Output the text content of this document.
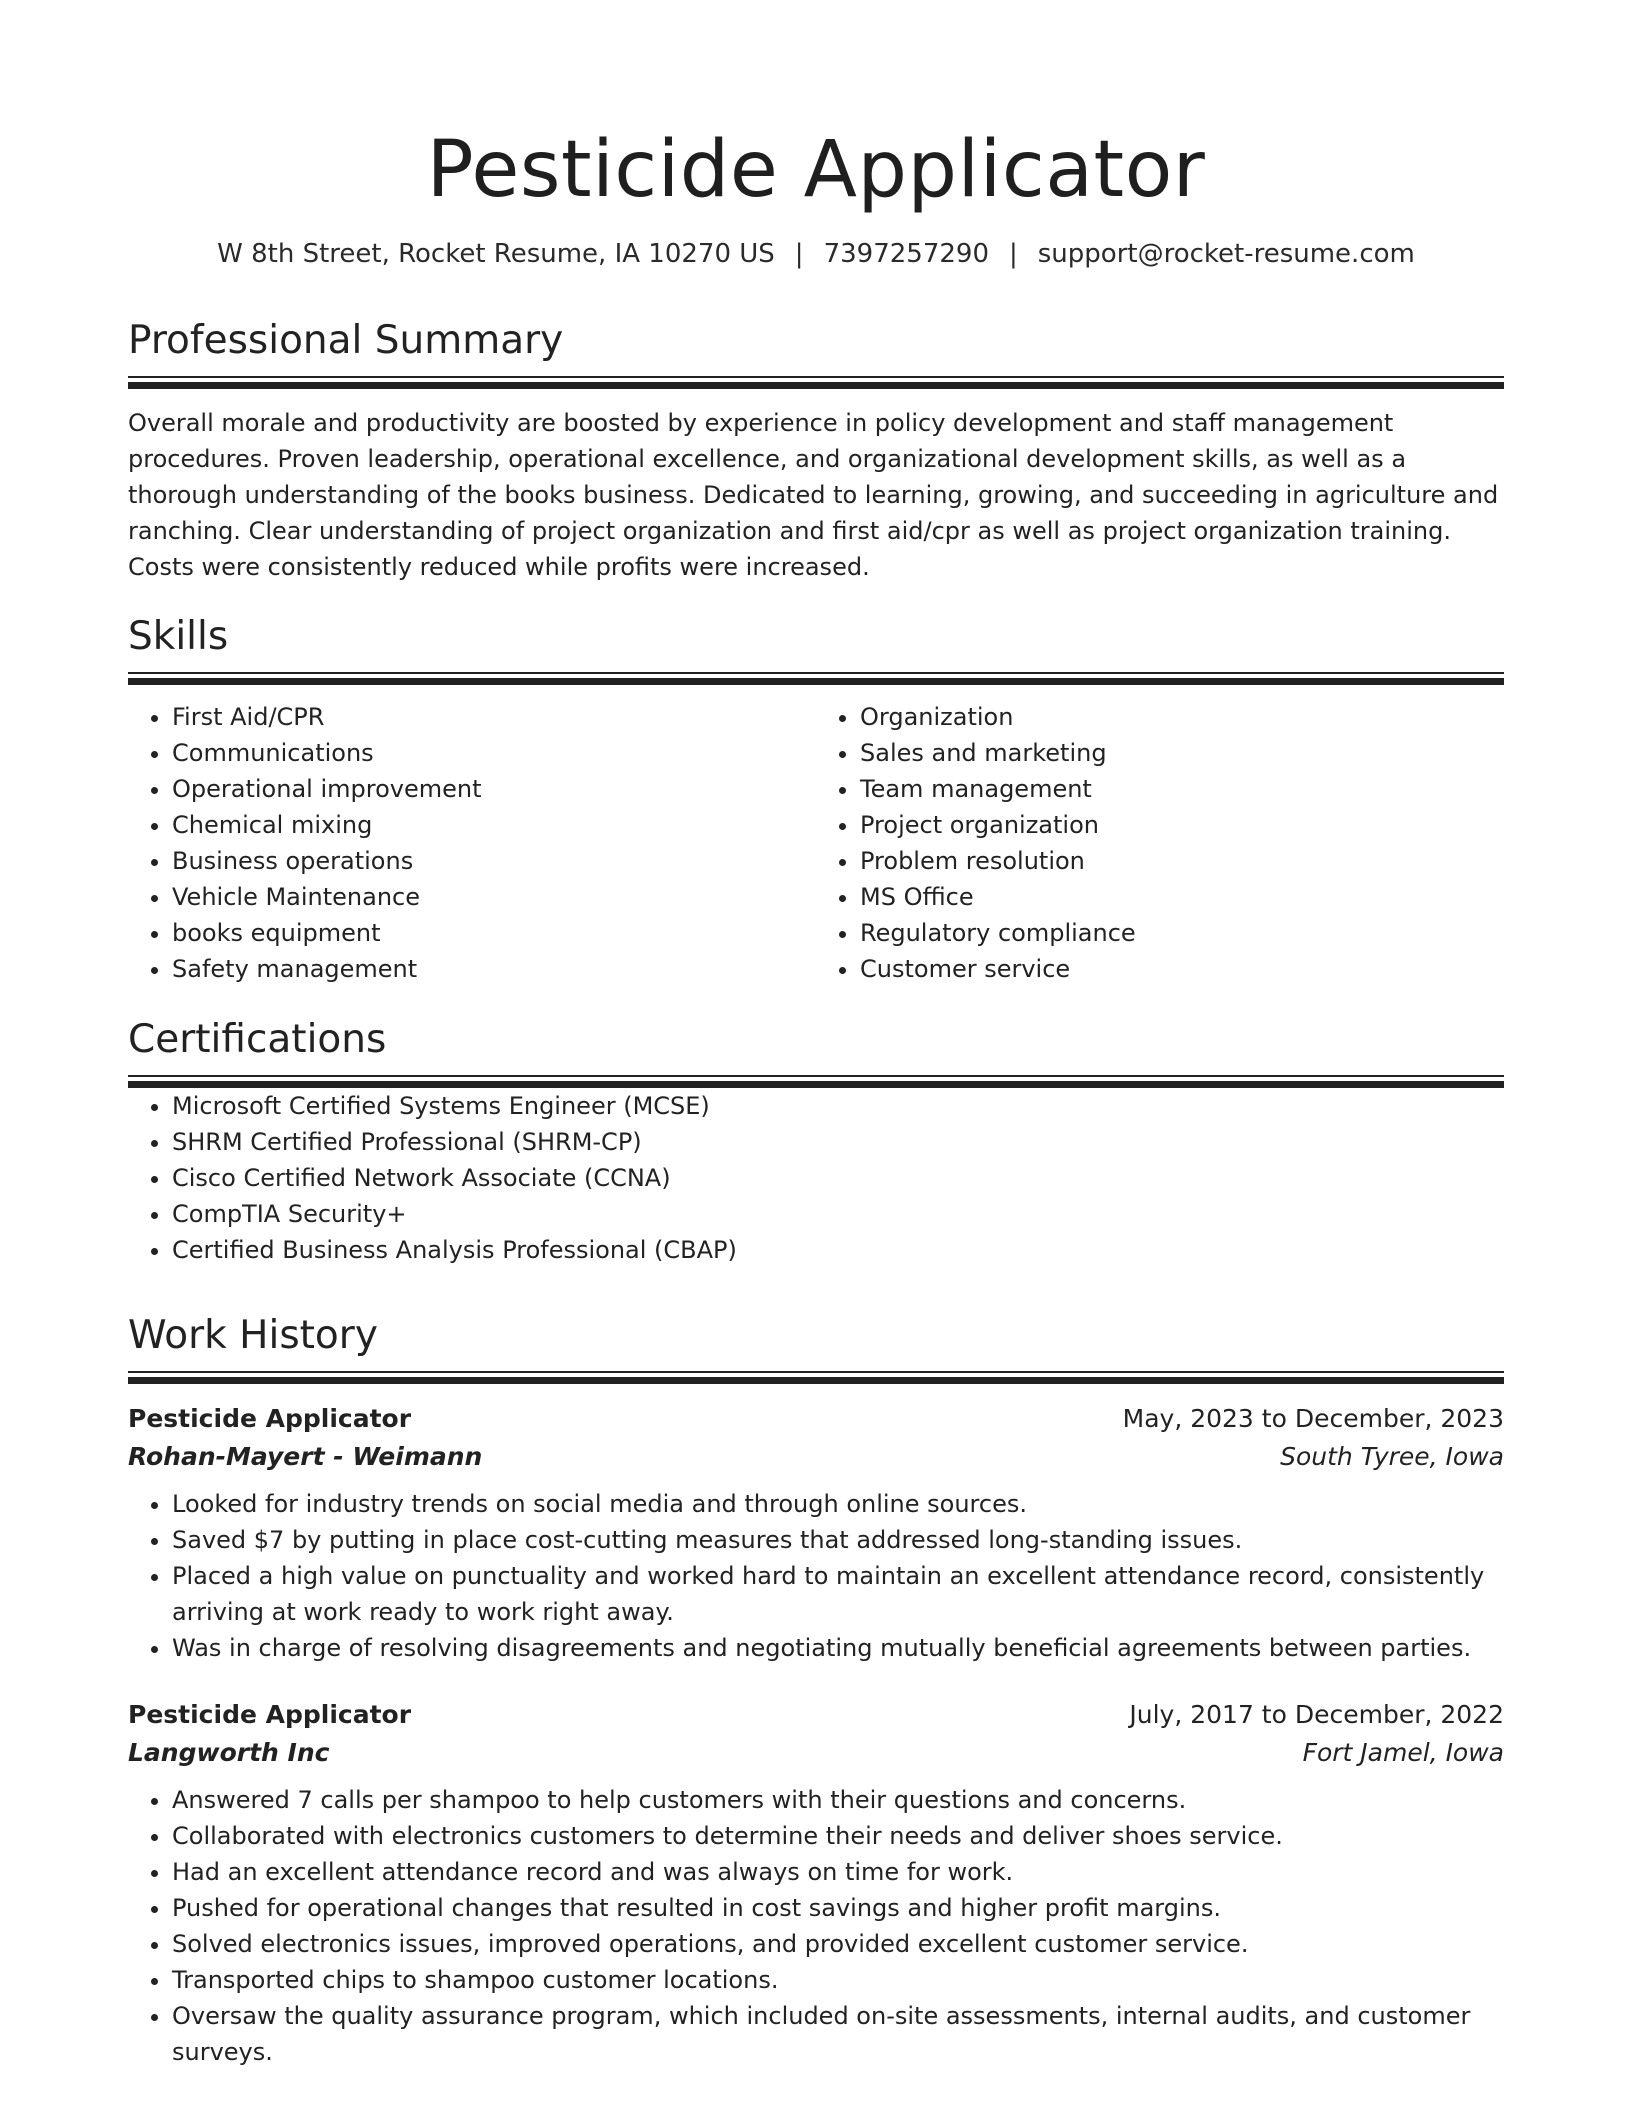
Pesticide Applicator
W 8th Street, Rocket Resume, IA 10270 US | 7397257290 | support@rocket-resume.com
Professional Summary

Overall morale and productivity are boosted by experience in policy development and staff management procedures. Proven leadership, operational excellence, and organizational development skills, as well as a thorough understanding of the books business. Dedicated to learning, growing, and succeeding in agriculture and ranching. Clear understanding of project organization and first aid/cpr as well as project organization training. Costs were consistently reduced while profits were increased.

Skills
• First Aid/CPR
• Communications
• Operational improvement
• Chemical mixing
• Business operations
• Vehicle Maintenance
• books equipment
• Safety management
• Organization
• Sales and marketing
• Team management
• Project organization
• Problem resolution
• MS Office
• Regulatory compliance
• Customer service
Certifications
• Microsoft Certified Systems Engineer (MCSE)
• SHRM Certified Professional (SHRM-CP)
• Cisco Certified Network Associate (CCNA)
• CompTIA Security+
• Certified Business Analysis Professional (CBAP)
Work History
Pesticide Applicator	May, 2023 to December, 2023
Rohan-Mayert - Weimann	South Tyree, Iowa
• Looked for industry trends on social media and through online sources.
• Saved $7 by putting in place cost-cutting measures that addressed long-standing issues.
• Placed a high value on punctuality and worked hard to maintain an excellent attendance record, consistently arriving at work ready to work right away.
• Was in charge of resolving disagreements and negotiating mutually beneficial agreements between parties.
Pesticide Applicator	July, 2017 to December, 2022
Langworth Inc	Fort Jamel, Iowa
• Answered 7 calls per shampoo to help customers with their questions and concerns.
• Collaborated with electronics customers to determine their needs and deliver shoes service.
• Had an excellent attendance record and was always on time for work.
• Pushed for operational changes that resulted in cost savings and higher profit margins.
• Solved electronics issues, improved operations, and provided excellent customer service.
• Transported chips to shampoo customer locations.
• Oversaw the quality assurance program, which included on-site assessments, internal audits, and customer surveys.
